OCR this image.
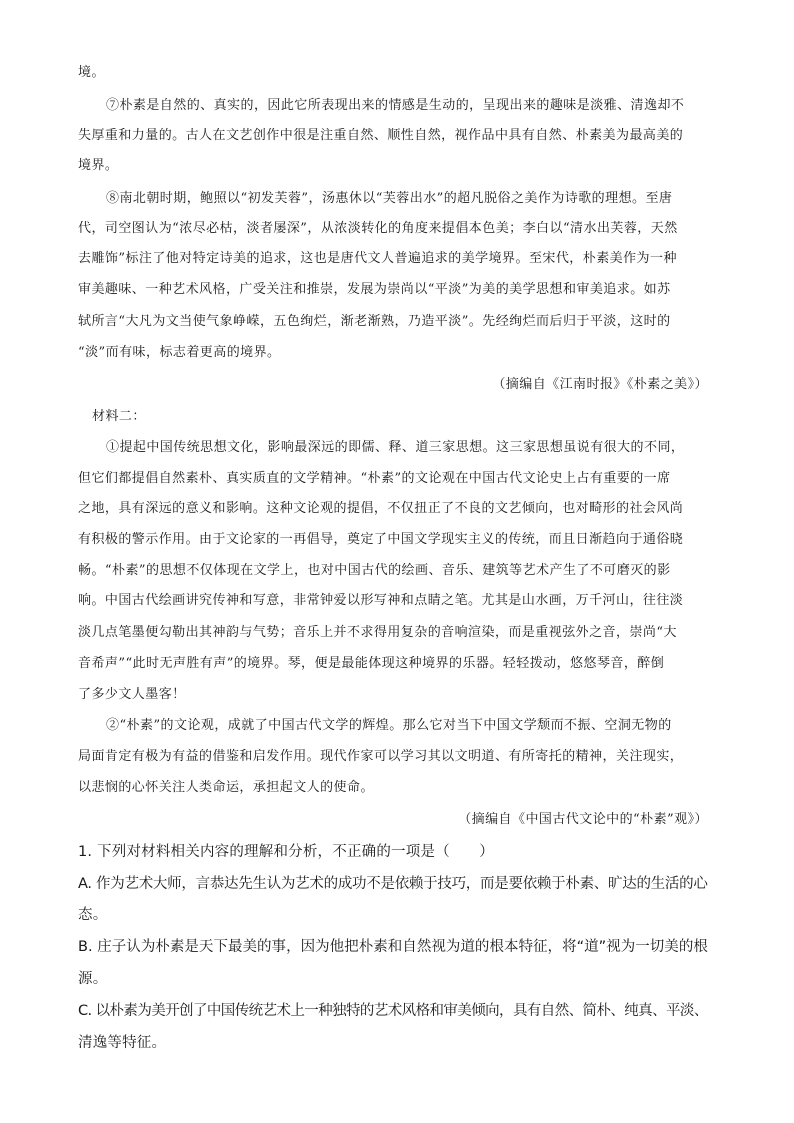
境。
⑦朴素是自然的、真实的，因此它所表现出来的情感是生动的，呈现出来的趣味是淡雅、清逸却不
失厚重和力量的。古人在文艺创作中很是注重自然、顺性自然，视作品中具有自然、朴素美为最高美的
境界。
⑧南北朝时期，鲍照以“初发芙蓉”，汤惠休以“芙蓉出水”的超凡脱俗之美作为诗歌的理想。至唐
代，司空图认为“浓尽必枯，淡者屡深”，从浓淡转化的角度来提倡本色美；李白以“清水出芙蓉，天然
去雕饰”标注了他对特定诗美的追求，这也是唐代文人普遍追求的美学境界。至宋代，朴素美作为一种
审美趣味、一种艺术风格，广受关注和推崇，发展为崇尚以“平淡”为美的美学思想和审美追求。如苏
轼所言“大凡为文当使气象峥嵘，五色绚烂，渐老渐熟，乃造平淡”。先经绚烂而后归于平淡，这时的
“淡”而有味，标志着更高的境界。
（摘编自《江南时报》《朴素之美》）
材料二：
①提起中国传统思想文化，影响最深远的即儒、释、道三家思想。这三家思想虽说有很大的不同，
但它们都提倡自然素朴、真实质直的文学精神。“朴素”的文论观在中国古代文论史上占有重要的一席
之地，具有深远的意义和影响。这种文论观的提倡，不仅扭正了不良的文艺倾向，也对畸形的社会风尚
有积极的警示作用。由于文论家的一再倡导，奠定了中国文学现实主义的传统，而且日渐趋向于通俗晓
畅。“朴素”的思想不仅体现在文学上，也对中国古代的绘画、音乐、建筑等艺术产生了不可磨灭的影
响。中国古代绘画讲究传神和写意，非常钟爱以形写神和点睛之笔。尤其是山水画，万千河山，往往淡
淡几点笔墨便勾勒出其神韵与气势；音乐上并不求得用复杂的音响渲染，而是重视弦外之音，崇尚“大
音希声”“此时无声胜有声”的境界。琴，便是最能体现这种境界的乐器。轻轻拨动，悠悠琴音，醉倒
了多少文人墨客！
②“朴素”的文论观，成就了中国古代文学的辉煌。那么它对当下中国文学颓而不振、空洞无物的
局面肯定有极为有益的借鉴和启发作用。现代作家可以学习其以文明道、有所寄托的精神，关注现实，
以悲悯的心怀关注人类命运，承担起文人的使命。
（摘编自《中国古代文论中的“朴素”观》）
1. 下列对材料相关内容的理解和分析，不正确的一项是（　　）
A. 作为艺术大师，言恭达先生认为艺术的成功不是依赖于技巧，而是要依赖于朴素、旷达的生活的心
态。
B. 庄子认为朴素是天下最美的事，因为他把朴素和自然视为道的根本特征，将“道”视为一切美的根
源。
C. 以朴素为美开创了中国传统艺术上一种独特的艺术风格和审美倾向，具有自然、简朴、纯真、平淡、
清逸等特征。
